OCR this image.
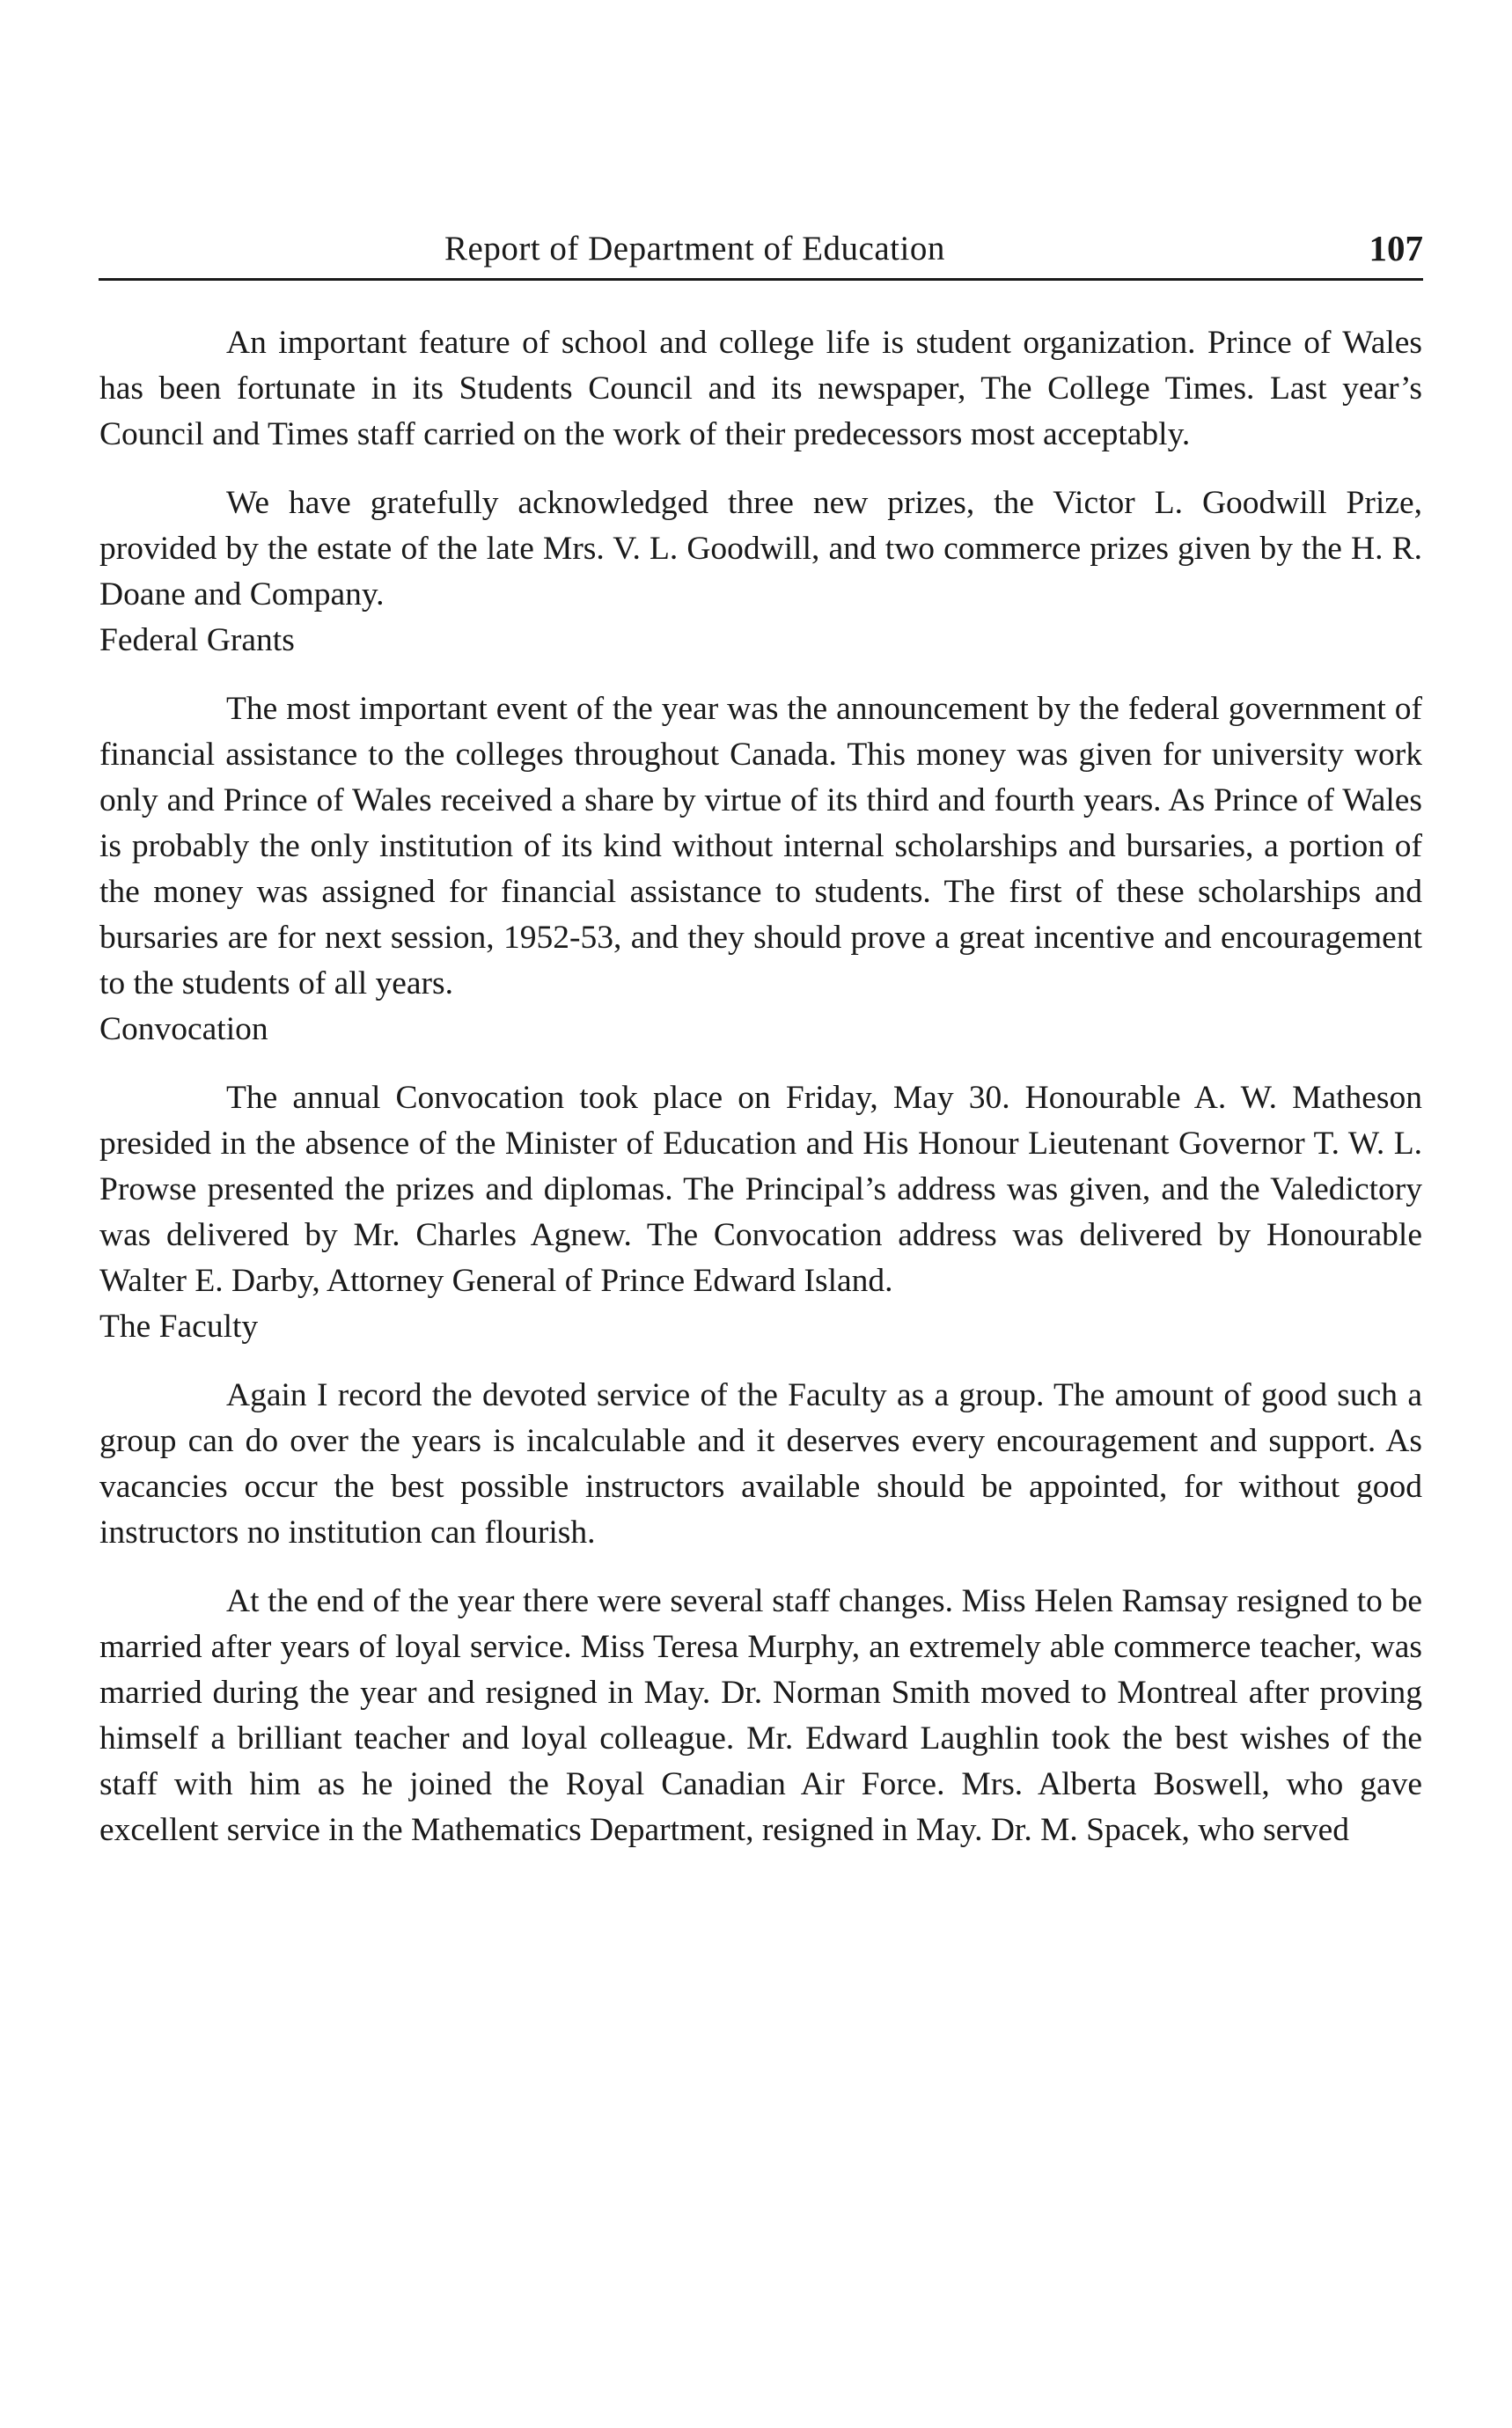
Report of Department of Education	107

An important feature of school and college life is student organization. Prince of Wales has been fortunate in its Students Council and its newspaper, The College Times. Last year’s Council and Times staff carried on the work of their predecessors most acceptably.

We have gratefully acknowledged three new prizes, the Victor L. Goodwill Prize, provided by the estate of the late Mrs. V. L. Goodwill, and two commerce prizes given by the H. R. Doane and Company.

Federal Grants

The most important event of the year was the announcement by the federal government of financial assistance to the colleges throughout Canada. This money was given for university work only and Prince of Wales received a share by virtue of its third and fourth years. As Prince of Wales is probably the only institution of its kind without internal scholarships and bursaries, a portion of the money was assigned for financial assistance to students. The first of these scholarships and bursaries are for next session, 1952-53, and they should prove a great incentive and encouragement to the students of all years.

Convocation

The annual Convocation took place on Friday, May 30. Honourable A. W. Matheson presided in the absence of the Minister of Education and His Honour Lieutenant Governor T. W. L. Prowse presented the prizes and diplomas. The Principal’s address was given, and the Valedictory was delivered by Mr. Charles Agnew. The Convocation address was delivered by Honourable Walter E. Darby, Attorney General of Prince Edward Island.

The Faculty

Again I record the devoted service of the Faculty as a group. The amount of good such a group can do over the years is incalculable and it deserves every encouragement and support. As vacancies occur the best possible instructors available should be appointed, for without good instructors no institution can flourish.

At the end of the year there were several staff changes. Miss Helen Ramsay resigned to be married after years of loyal service. Miss Teresa Murphy, an extremely able commerce teacher, was married during the year and resigned in May. Dr. Norman Smith moved to Montreal after proving himself a brilliant teacher and loyal colleague. Mr. Edward Laughlin took the best wishes of the staff with him as he joined the Royal Canadian Air Force. Mrs. Alberta Boswell, who gave excellent service in the Mathematics Department, resigned in May. Dr. M. Spacek, who served
